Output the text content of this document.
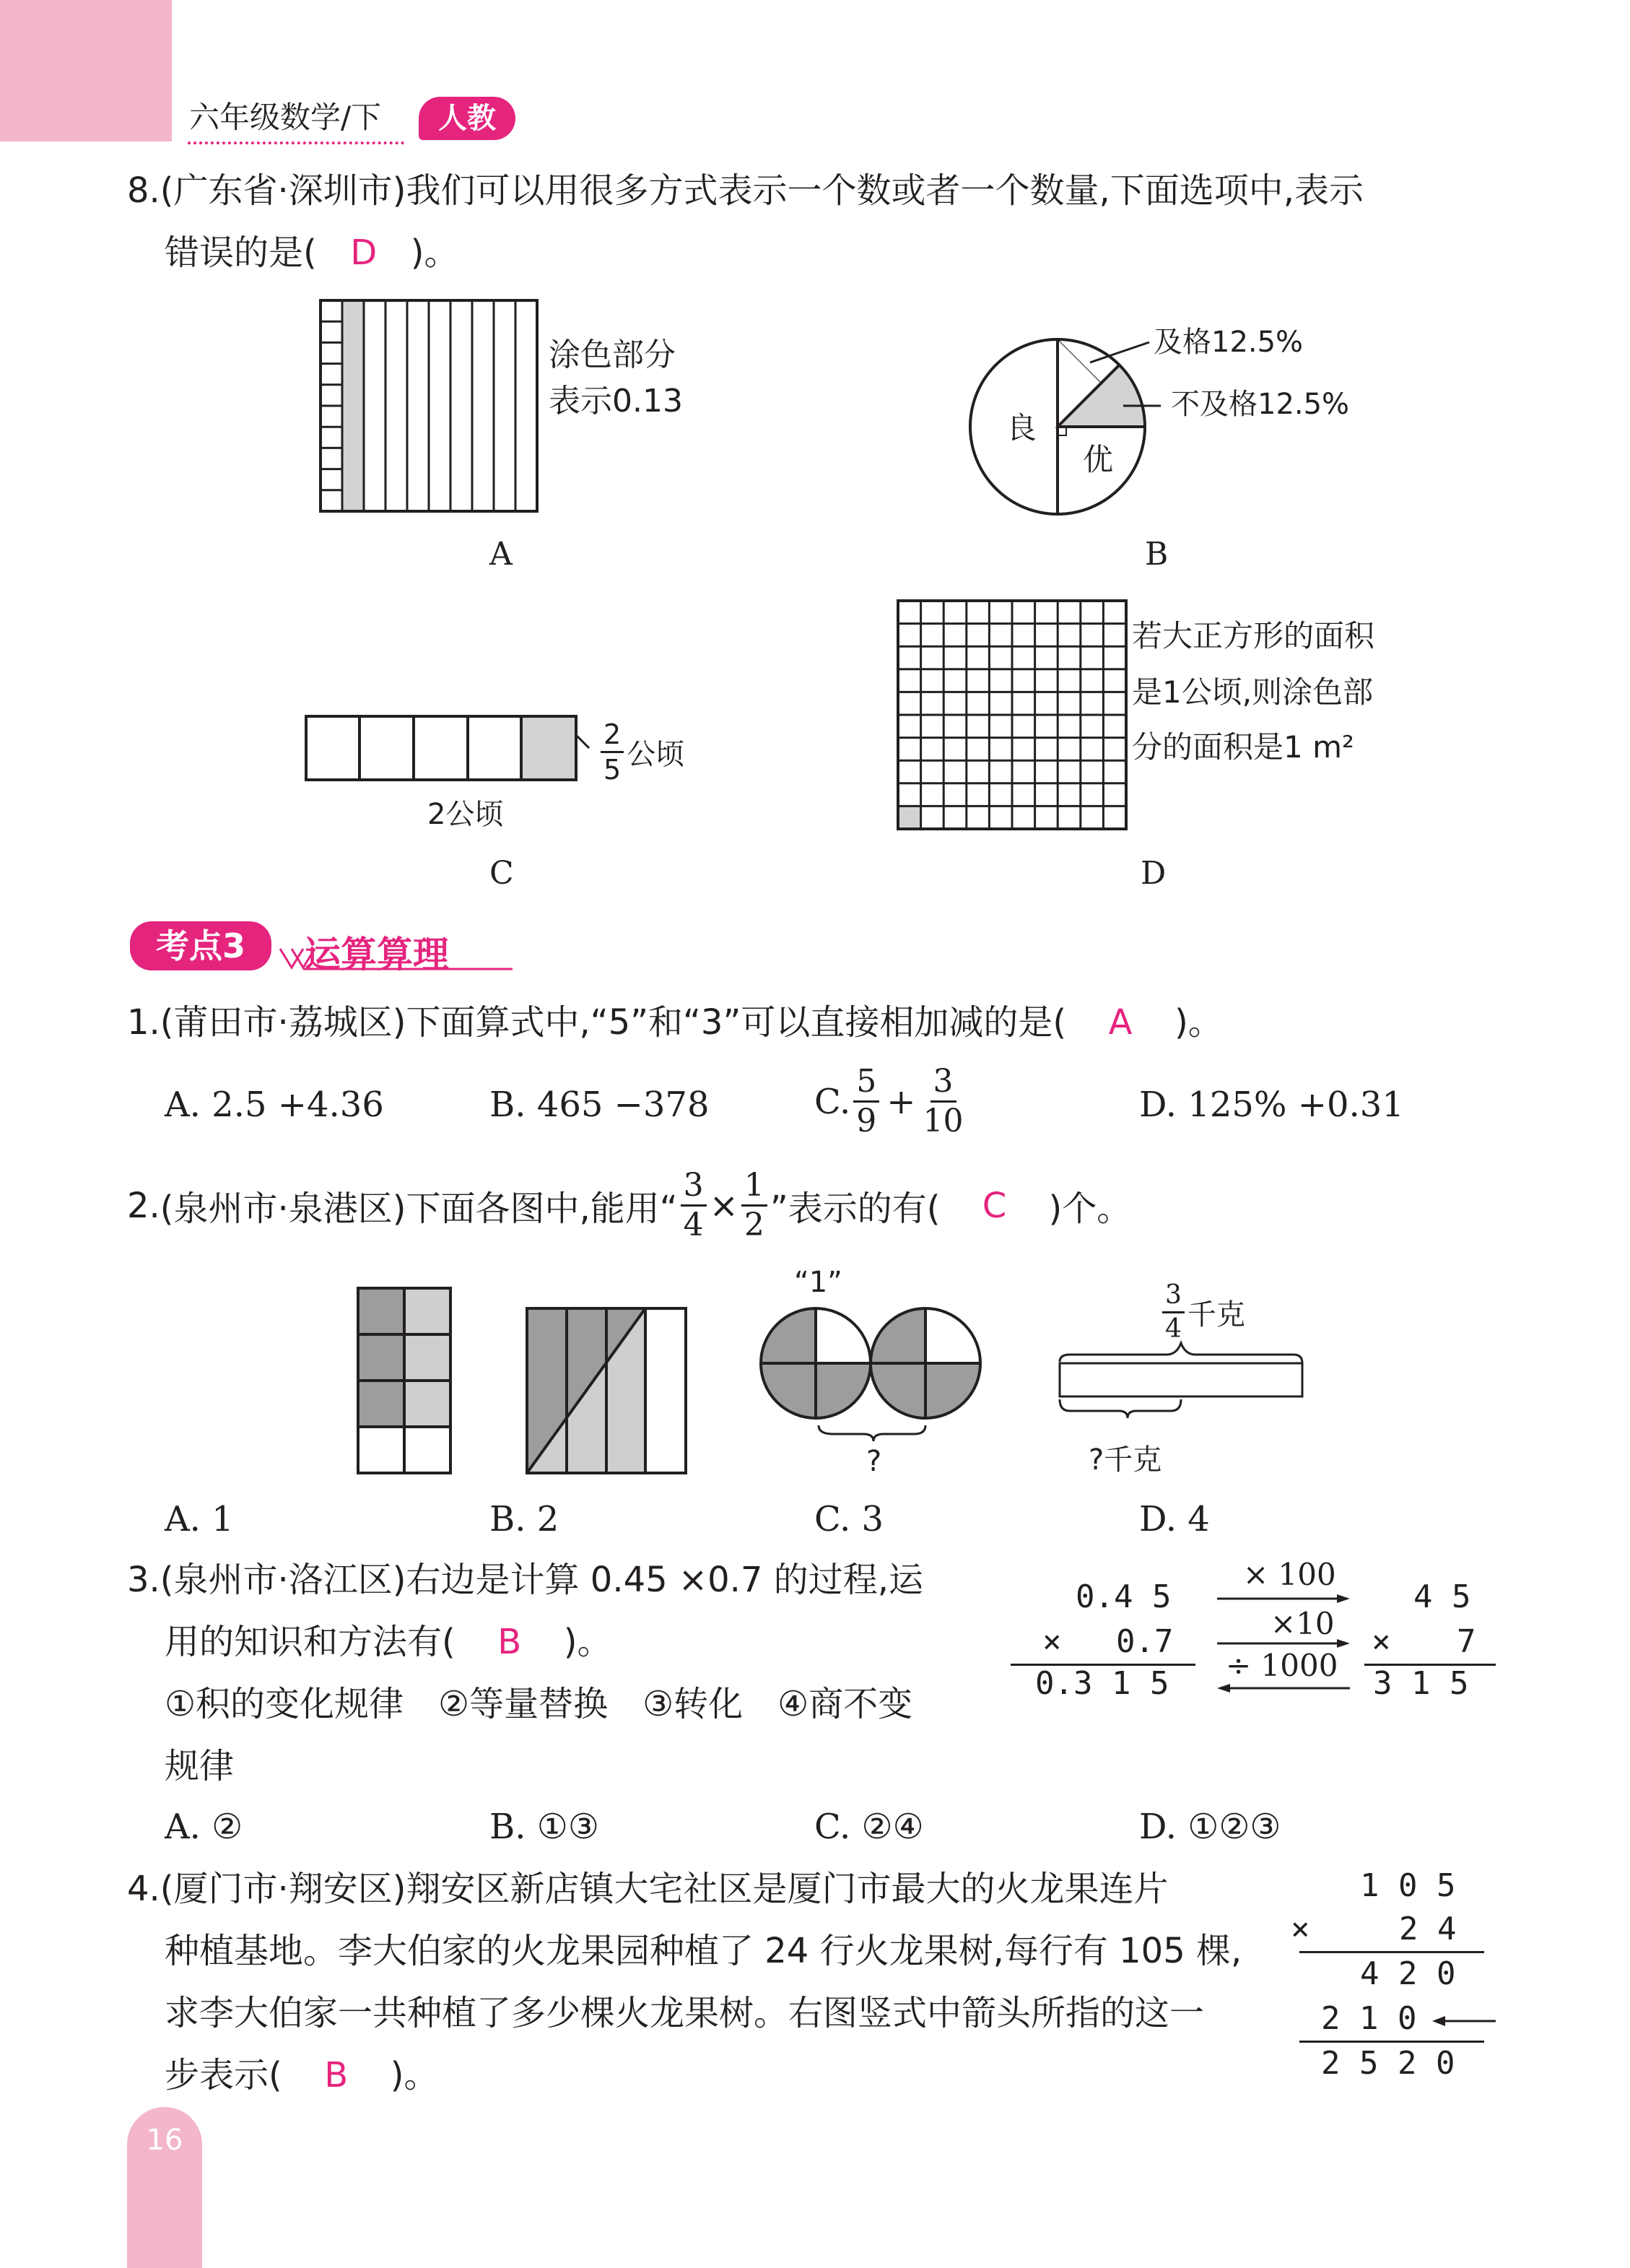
六年级数学/下	人教
8.(广东省·深圳市)我们可以用很多方式表示一个数或者一个数量,下面选项中,表示
错误的是( D )。
涂色部分
表示0.13
A
及格12.5%
不及格12.5%
良
优
B
$\frac{2}{5}$ 公顷
2公顷
C
若大正方形的面积
是1公顷,则涂色部
分的面积是1 m²
D
考点3	运算算理
1.(莆田市·荔城区)下面算式中,“5”和“3”可以直接相加减的是( A )。
A. 2.5 +4.36	B. 465 −378	C. $\frac{5}{9} + \frac{3}{10}$	D. 125% +0.31
2. (泉州市·泉港区) 下面各图中,能用“ $\frac{3}{4} \times \frac{1}{2}$ ”表示的有(	C	)个。
A. 1	B. 2
“1”
?
C. 3
$\frac{3}{4}$ 千克
?千克
D. 4
3.(泉州市·洛江区)右边是计算 0.45 ×0.7 的过程,运
用的知识和方法有( B )。
①积的变化规律　②等量替换　③转化　④商不变
规律
A. ②	B. ①③	C. ②④	D. ①②③
0.4 5
× 0.7
0.3 1 5
× 100
×10
÷ 1000
4 5
× 7
3 1 5
4.(厦门市·翔安区)翔安区新店镇大宅社区是厦门市最大的火龙果连片
种植基地。李大伯家的火龙果园种植了 24 行火龙果树,每行有 105 棵,
求李大伯家一共种植了多少棵火龙果树。右图竖式中箭头所指的这一
步表示( B )。
1 0 5
×	2 4
4 2 0
2 1 0
2 5 2 0
16
